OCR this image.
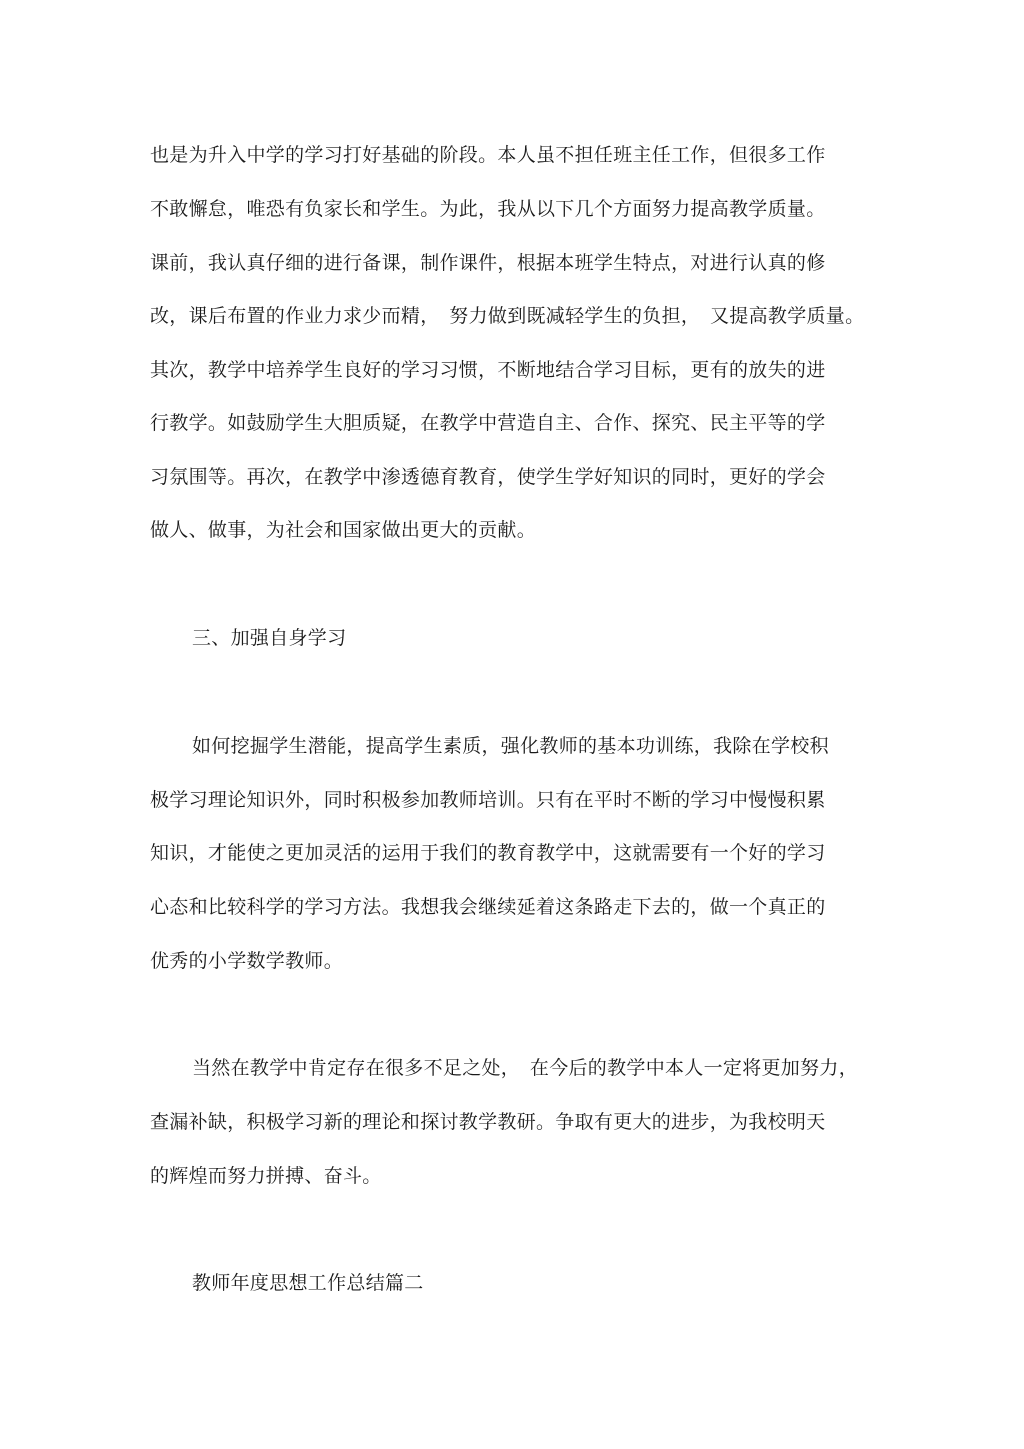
也是为升入中学的学习打好基础的阶段。本人虽不担任班主任工作，但很多工作

不敢懈怠，唯恐有负家长和学生。为此，我从以下几个方面努力提高教学质量。

课前，我认真仔细的进行备课，制作课件，根据本班学生特点，对进行认真的修

改，课后布置的作业力求少而精，　努力做到既减轻学生的负担，　又提高教学质量。

其次，教学中培养学生良好的学习习惯，不断地结合学习目标，更有的放失的进

行教学。如鼓励学生大胆质疑，在教学中营造自主、合作、探究、民主平等的学

习氛围等。再次，在教学中渗透德育教育，使学生学好知识的同时，更好的学会

做人、做事，为社会和国家做出更大的贡献。

三、加强自身学习

如何挖掘学生潜能，提高学生素质，强化教师的基本功训练，我除在学校积

极学习理论知识外，同时积极参加教师培训。只有在平时不断的学习中慢慢积累

知识，才能使之更加灵活的运用于我们的教育教学中，这就需要有一个好的学习

心态和比较科学的学习方法。我想我会继续延着这条路走下去的，做一个真正的

优秀的小学数学教师。

当然在教学中肯定存在很多不足之处，　在今后的教学中本人一定将更加努力，

查漏补缺，积极学习新的理论和探讨教学教研。争取有更大的进步，为我校明天

的辉煌而努力拼搏、奋斗。

教师年度思想工作总结篇二
